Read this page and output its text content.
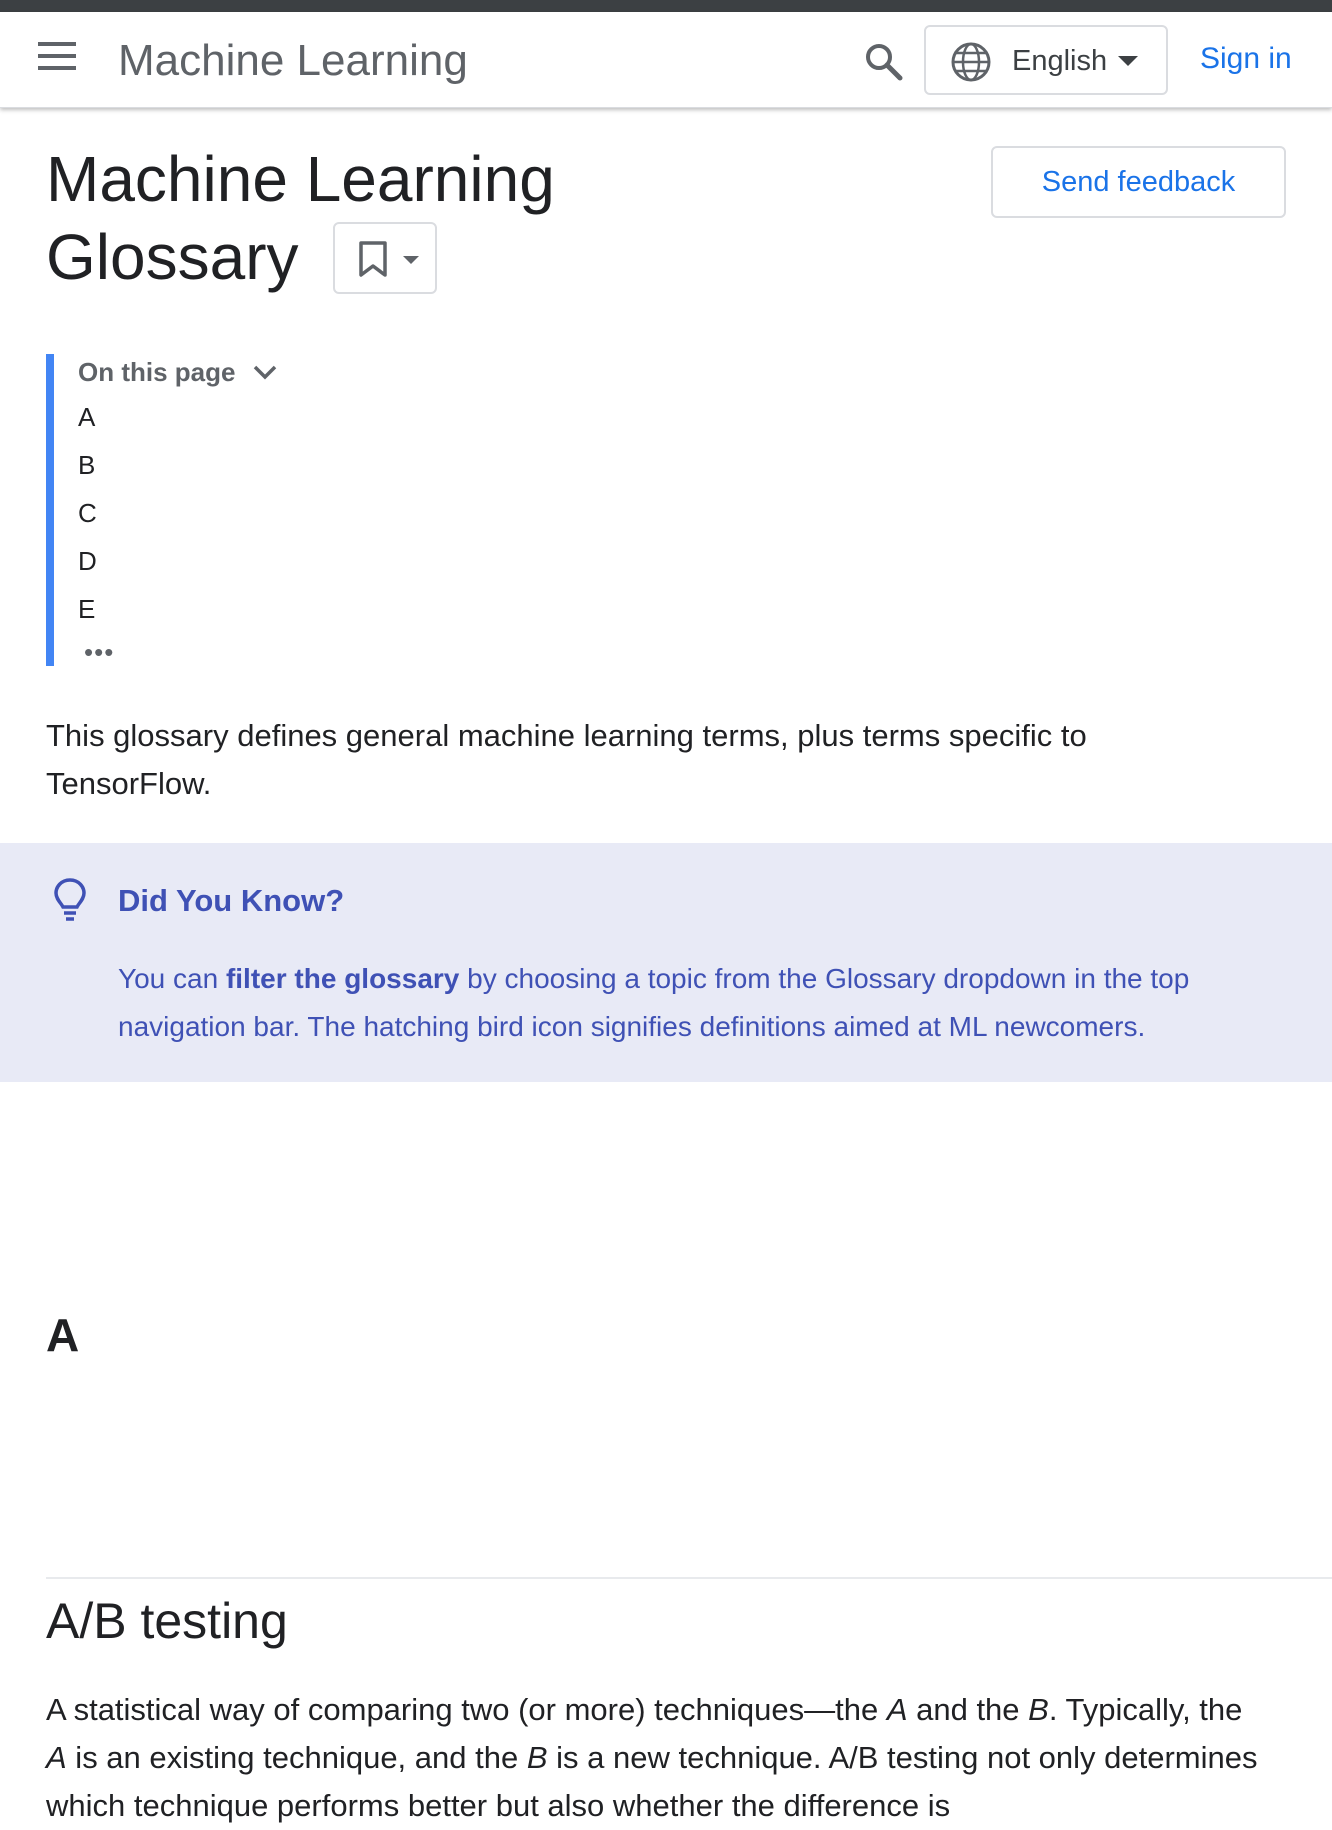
Machine Learning	English	Sign in
Machine Learning
Glossary
Send feedback
On this page
A
B
C
D
E
•••

This glossary defines general machine learning terms, plus terms specific to
TensorFlow.

Did You Know?

You can filter the glossary by choosing a topic from the Glossary dropdown in the top navigation bar. The hatching bird icon signifies definitions aimed at ML newcomers.

A
A/B testing

A statistical way of comparing two (or more) techniques—the A and the B. Typically, the
A is an existing technique, and the B is a new technique. A/B testing not only determines which technique performs better but also whether the difference is
